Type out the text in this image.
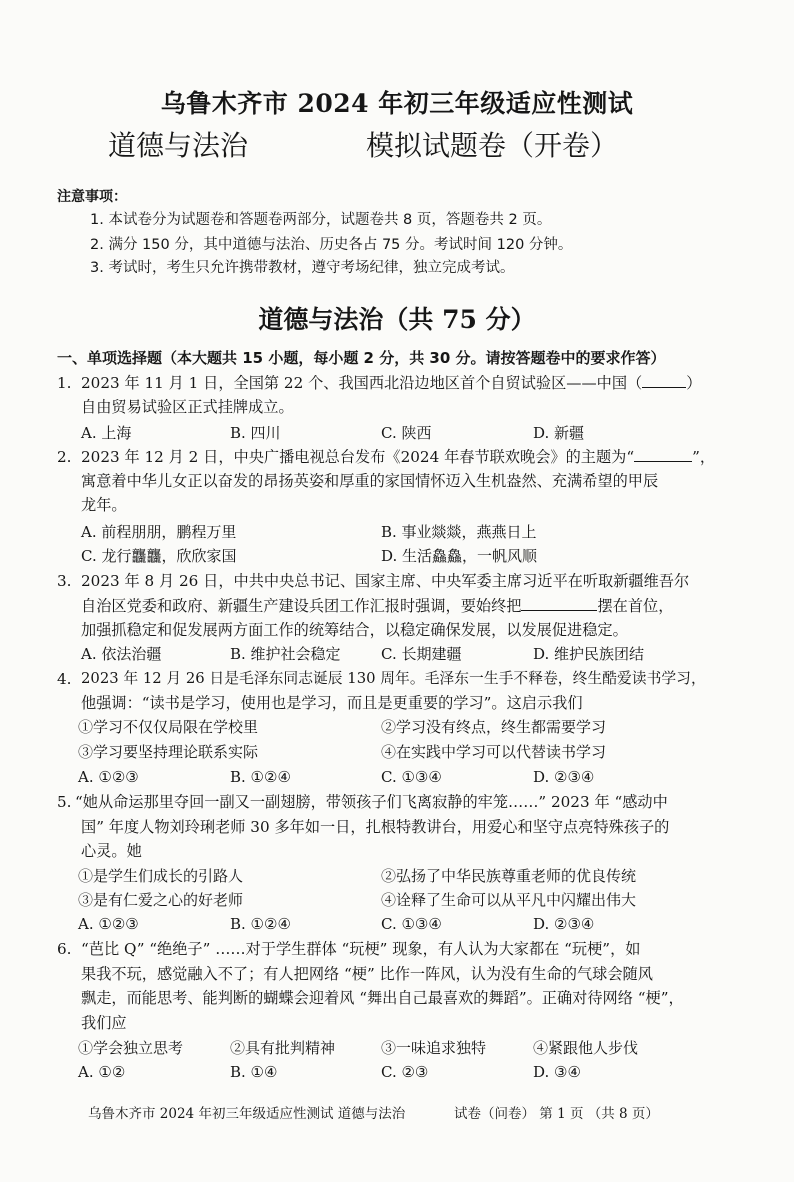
乌鲁木齐市 2024 年初三年级适应性测试
道德与法治	模拟试题卷（开卷）
注意事项：
1. 本试卷分为试题卷和答题卷两部分，试题卷共 8 页，答题卷共 2 页。
2. 满分 150 分，其中道德与法治、历史各占 75 分。考试时间 120 分钟。
3. 考试时，考生只允许携带教材，遵守考场纪律，独立完成考试。
道德与法治（共 75 分）
一、单项选择题（本大题共 15 小题，每小题 2 分，共 30 分。请按答题卷中的要求作答）
1. 2023 年 11 月 1 日，全国第 22 个、我国西北沿边地区首个自贸试验区——中国（	）
自由贸易试验区正式挂牌成立。
A. 上海	B. 四川	C. 陕西	D. 新疆
2. 2023 年 12 月 2 日，中央广播电视总台发布《2024 年春节联欢晚会》的主题为“	”，
寓意着中华儿女正以奋发的昂扬英姿和厚重的家国情怀迈入生机盎然、充满希望的甲辰
龙年。
A. 前程朋朋，鹏程万里	B. 事业燚燚，燕燕日上
C. 龙行龘龘，欣欣家国	D. 生活鱻鱻，一帆风顺
3. 2023 年 8 月 26 日，中共中央总书记、国家主席、中央军委主席习近平在听取新疆维吾尔
自治区党委和政府、新疆生产建设兵团工作汇报时强调，要始终把	摆在首位，
加强抓稳定和促发展两方面工作的统筹结合，以稳定确保发展，以发展促进稳定。
A. 依法治疆	B. 维护社会稳定	C. 长期建疆	D. 维护民族团结
4. 2023 年 12 月 26 日是毛泽东同志诞辰 130 周年。毛泽东一生手不释卷，终生酷爱读书学习，
他强调：“读书是学习，使用也是学习，而且是更重要的学习”。这启示我们
①学习不仅仅局限在学校里	②学习没有终点，终生都需要学习
③学习要坚持理论联系实际	④在实践中学习可以代替读书学习
A. ①②③	B. ①②④	C. ①③④	D. ②③④
5. “她从命运那里夺回一副又一副翅膀，带领孩子们飞离寂静的牢笼……” 2023 年 “感动中
国” 年度人物刘玲琍老师 30 多年如一日，扎根特教讲台，用爱心和坚守点亮特殊孩子的
心灵。她
①是学生们成长的引路人	②弘扬了中华民族尊重老师的优良传统
③是有仁爱之心的好老师	④诠释了生命可以从平凡中闪耀出伟大
A. ①②③	B. ①②④	C. ①③④	D. ②③④
6. “芭比 Q” “绝绝子” ……对于学生群体 “玩梗” 现象，有人认为大家都在 “玩梗”，如
果我不玩，感觉融入不了；有人把网络 “梗” 比作一阵风，认为没有生命的气球会随风
飘走，而能思考、能判断的蝴蝶会迎着风 “舞出自己最喜欢的舞蹈”。正确对待网络 “梗”，
我们应
①学会独立思考	②具有批判精神	③一味追求独特	④紧跟他人步伐
A. ①②	B. ①④	C. ②③	D. ③④
乌鲁木齐市 2024 年初三年级适应性测试 道德与法治	试卷（问卷） 第 1 页 （共 8 页）
